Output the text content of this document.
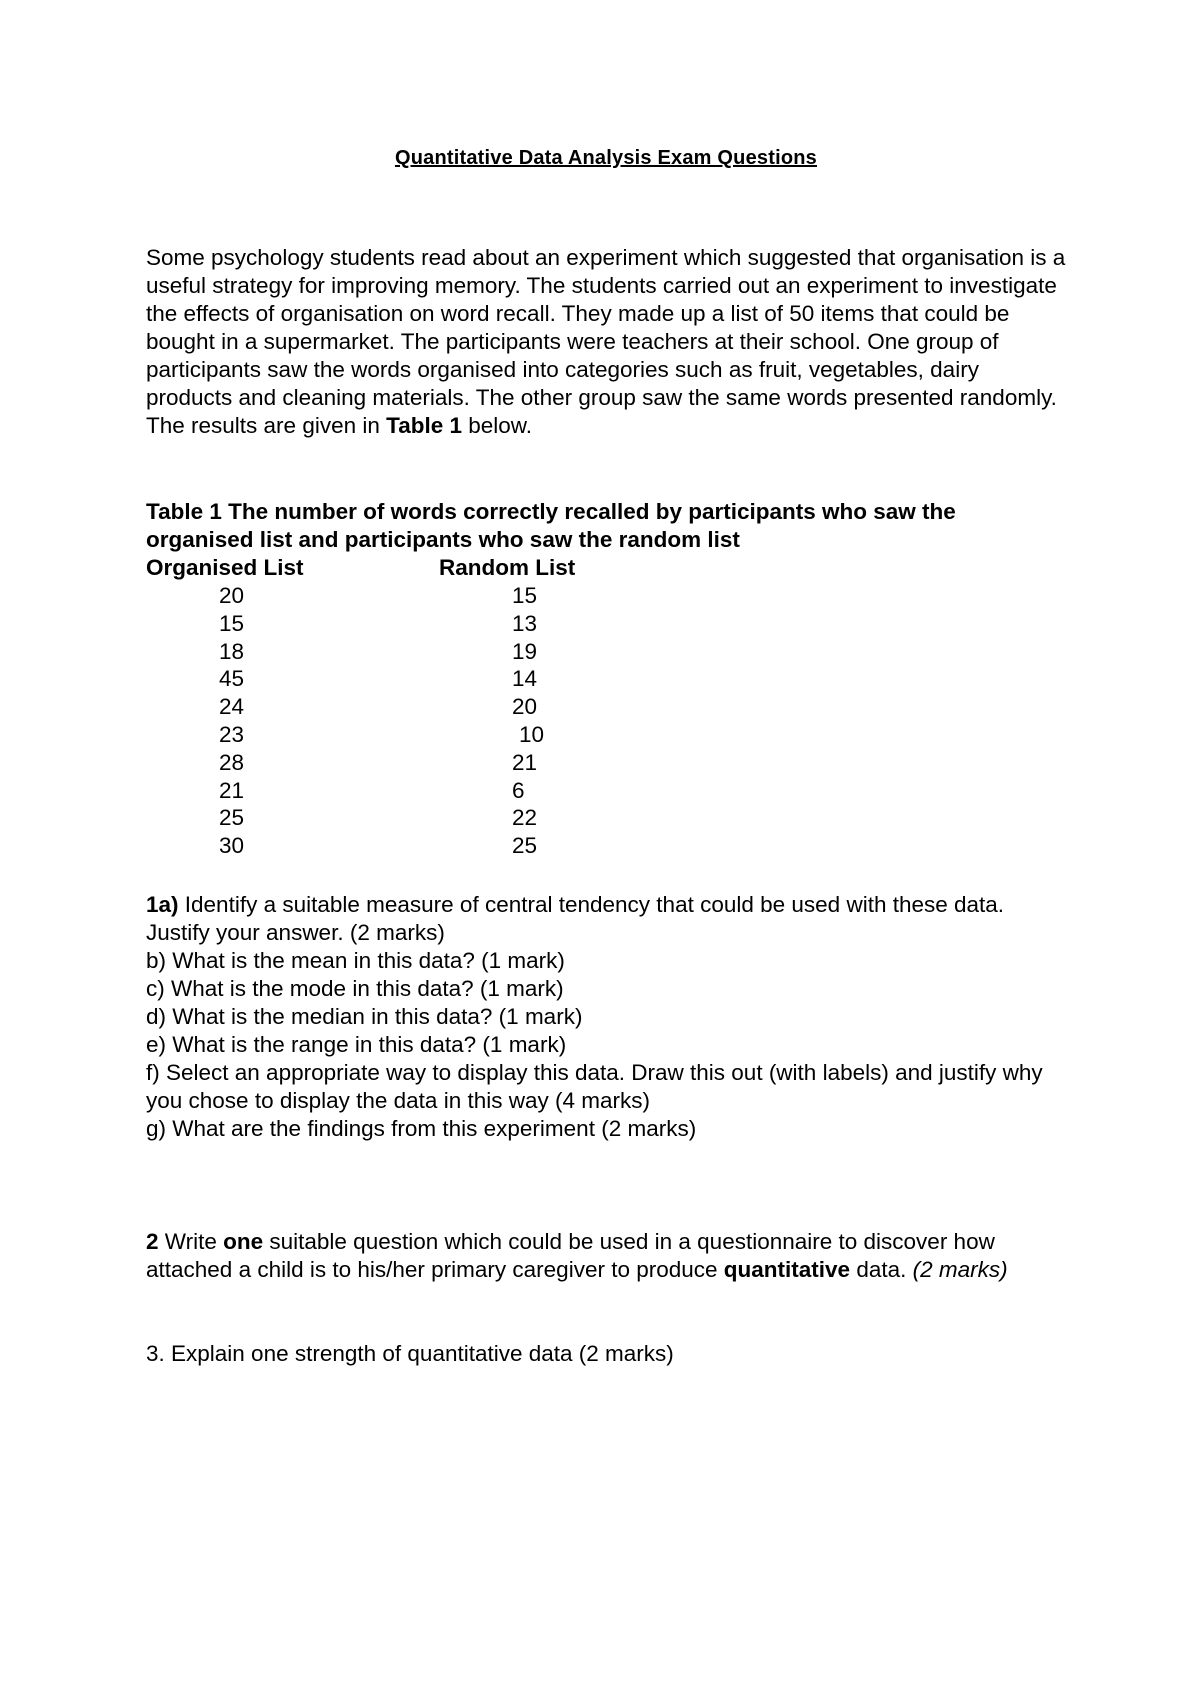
Quantitative Data Analysis Exam Questions

Some psychology students read about an experiment which suggested that organisation is a useful strategy for improving memory. The students carried out an experiment to investigate the effects of organisation on word recall. They made up a list of 50 items that could be bought in a supermarket. The participants were teachers at their school. One group of participants saw the words organised into categories such as fruit, vegetables, dairy products and cleaning materials. The other group saw the same words presented randomly.

The results are given in Table 1 below.

Table 1 The number of words correctly recalled by participants who saw the organised list and participants who saw the random list

Organised List	Random List
20	15
15	13
18	19
45	14
24	20
23	10
28	21
21	6
25	22
30	25

1a) Identify a suitable measure of central tendency that could be used with these data.

Justify your answer. (2 marks)

b) What is the mean in this data? (1 mark)

c) What is the mode in this data? (1 mark)

d) What is the median in this data? (1 mark)

e) What is the range in this data? (1 mark)

f) Select an appropriate way to display this data. Draw this out (with labels) and justify why you chose to display the data in this way (4 marks)

g) What are the findings from this experiment (2 marks)

2 Write one suitable question which could be used in a questionnaire to discover how attached a child is to his/her primary caregiver to produce quantitative data. (2 marks)

3. Explain one strength of quantitative data (2 marks)
